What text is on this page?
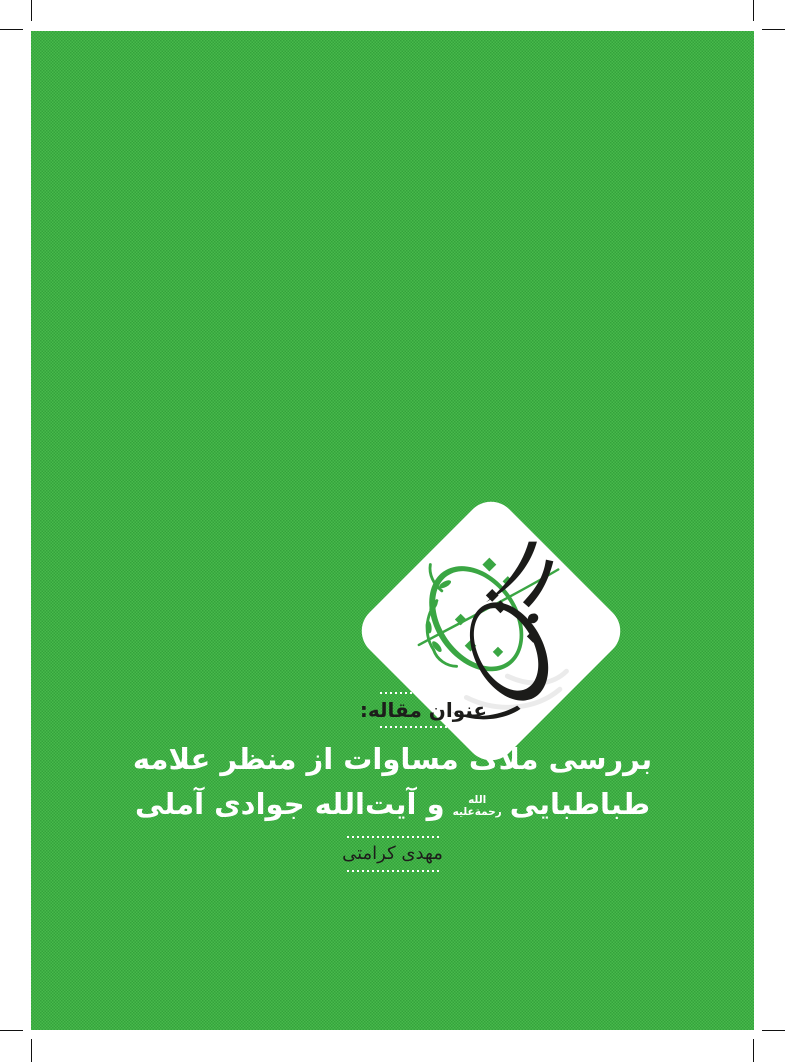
عنوان مقاله:
بررسی ملاک مساوات از منظر علامه
طباطبایی
الله
رحمةعلیه
و آیت‌الله جوادی آملی
مهدی کرامتی
